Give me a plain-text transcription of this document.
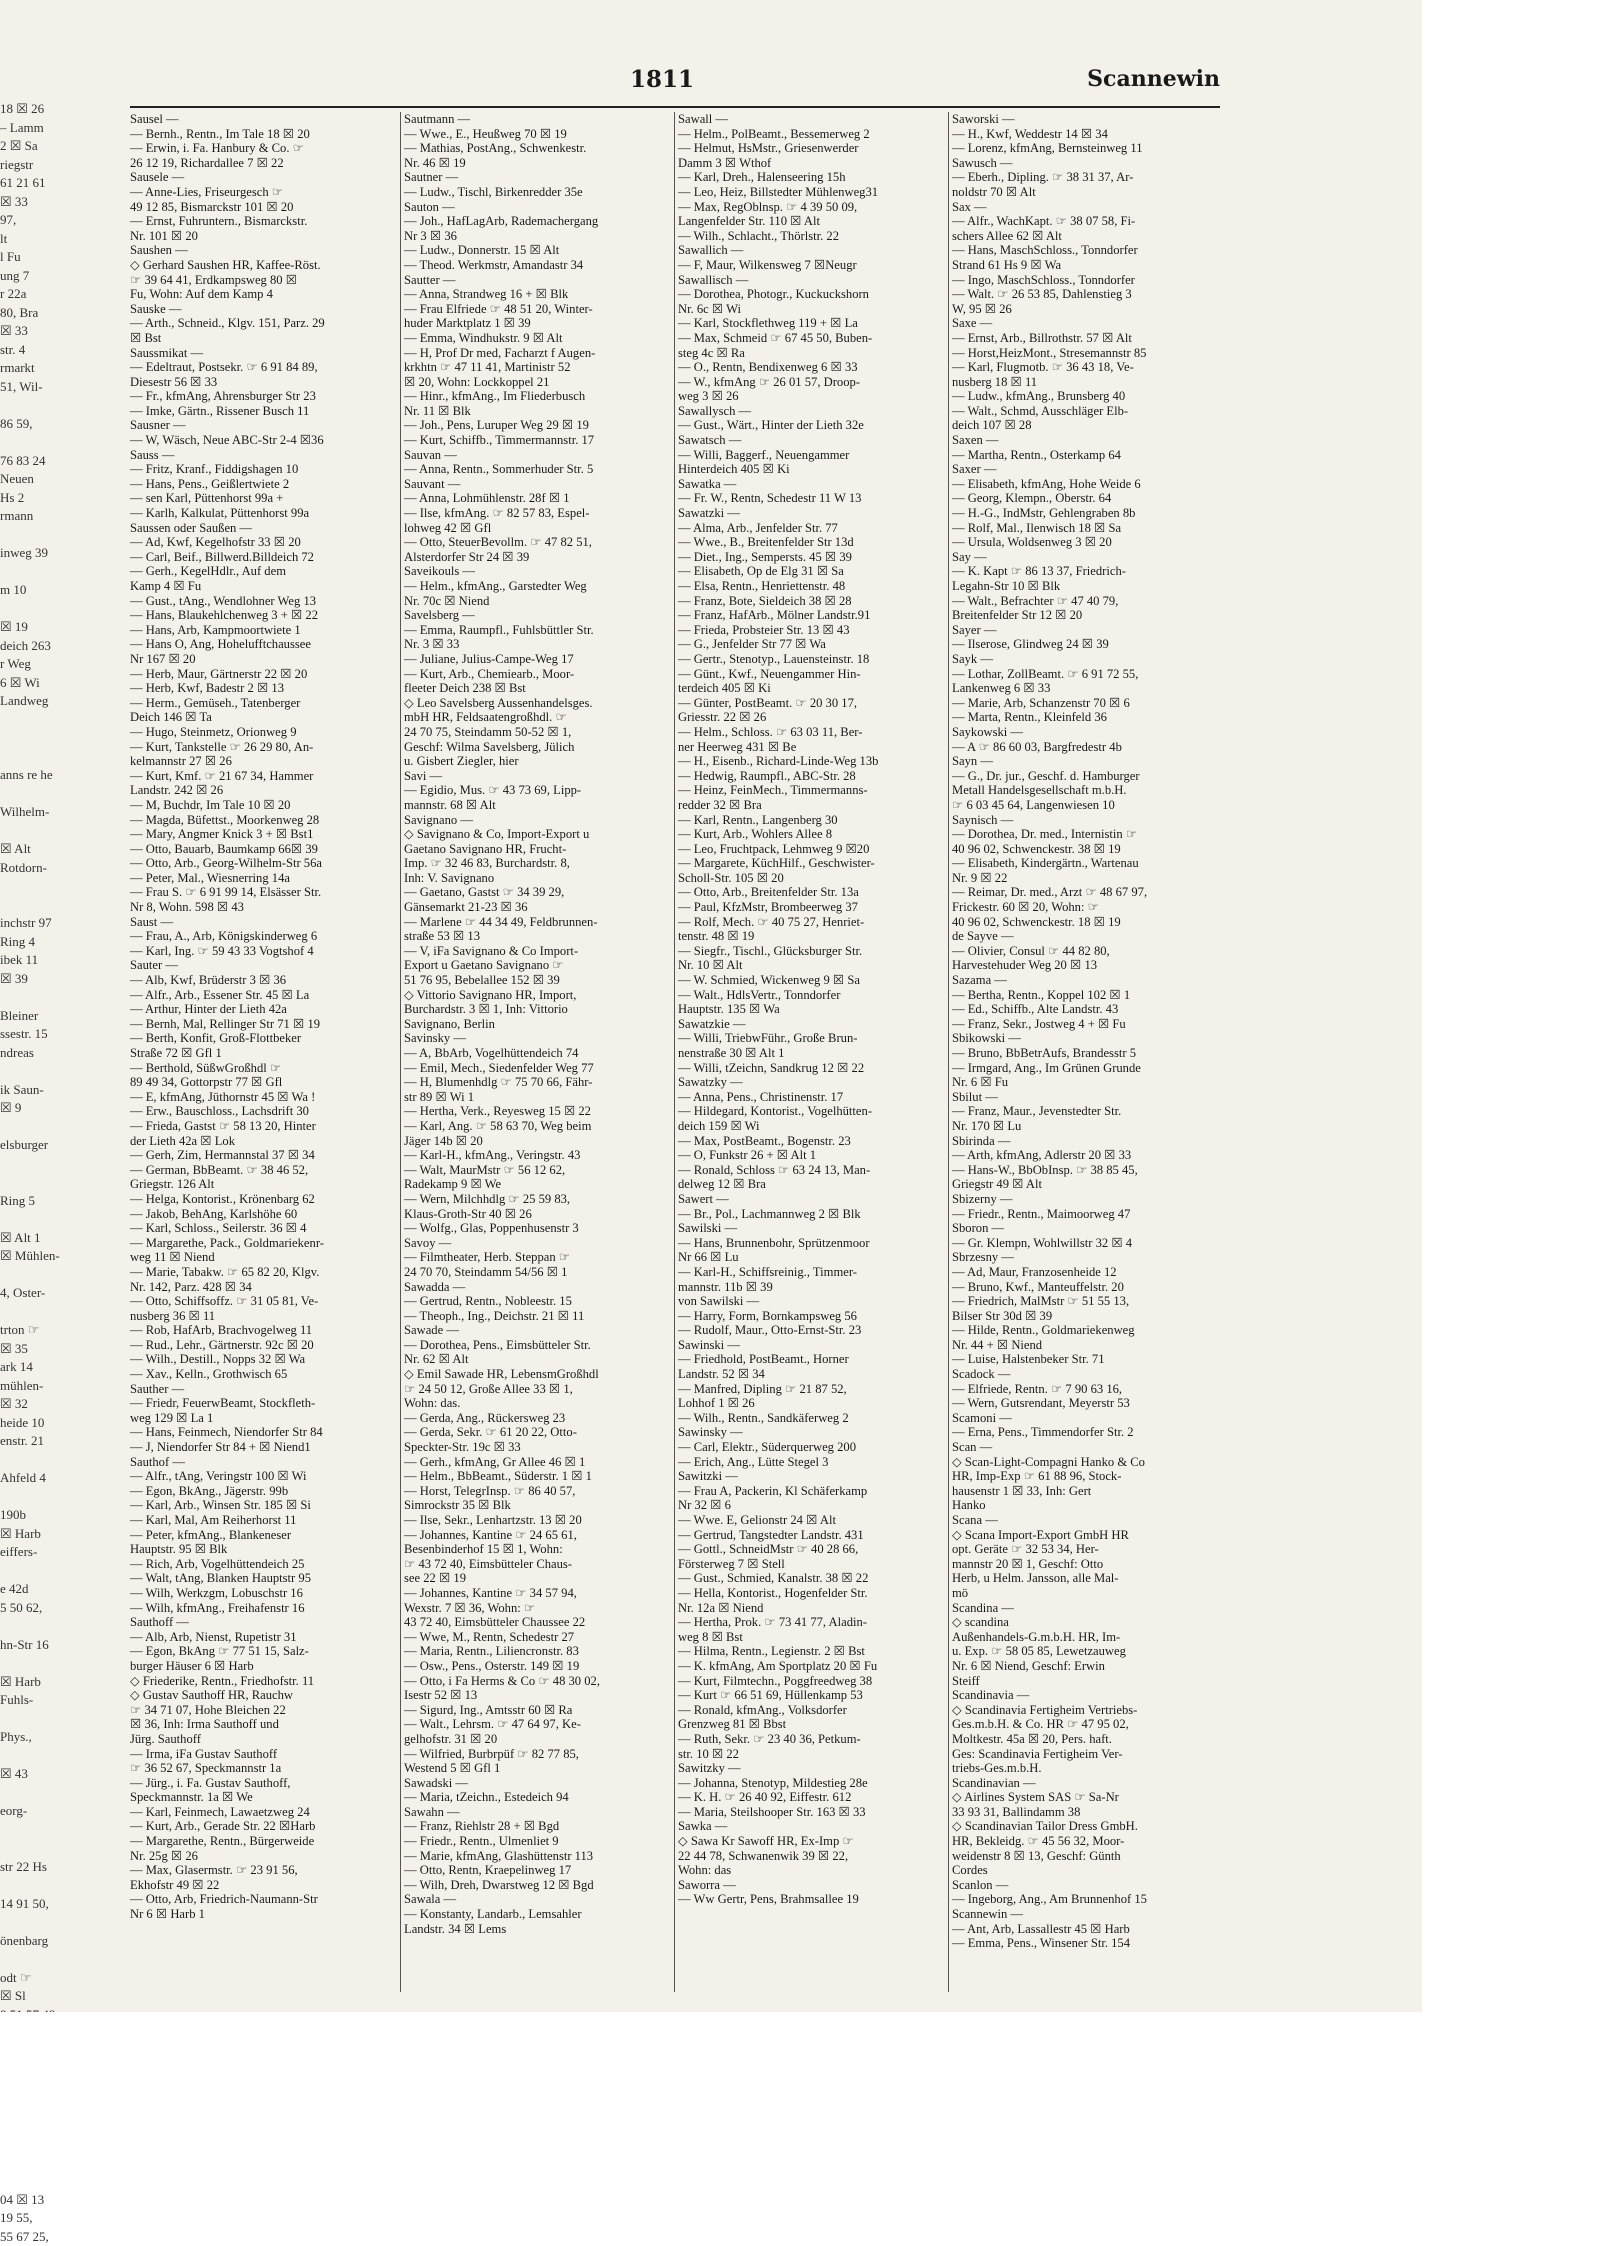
18 ☒ 26
– Lamm
2 ☒ Sa
riegstr
61 21 61
☒ 33
97,
lt
l Fu
ung 7
r 22a
80, Bra
☒ 33
str. 4
rmarkt
51, Wil-

86 59,

76 83 24
Neuen
Hs 2
rmann

inweg 39

m 10

☒ 19
deich 263
r Weg
6 ☒ Wi
Landweg

anns re he

Wilhelm-

☒ Alt
Rotdorn-

inchstr 97
Ring 4
ibek 11
☒ 39

Bleiner
ssestr. 15
ndreas

ik Saun-
☒ 9

elsburger

Ring 5

☒ Alt 1
☒ Mühlen-

4, Oster-

trton ☞
☒ 35
ark 14
mühlen-
☒ 32
heide 10
enstr. 21

Ahfeld 4

190b
☒ Harb
eiffers-

e 42d
5 50 62,

hn-Str 16

☒ Harb
Fuhls-

Phys.,

☒ 43

eorg-

str 22 Hs

14 91 50,

önenbarg

odt ☞
☒ Sl

04 ☒ 13
19 55,
55 67 25,
1811	Scannewin
Sausel —
— Bernh., Rentn., Im Tale 18 ☒ 20
— Erwin, i. Fa. Hanbury & Co. ☞
26 12 19, Richardallee 7 ☒ 22
Sausele —
— Anne-Lies, Friseurgesch ☞
49 12 85, Bismarckstr 101 ☒ 20
— Ernst, Fuhruntern., Bismarckstr.
Nr. 101 ☒ 20
Saushen —
◇ Gerhard Saushen HR, Kaffee-Röst.
☞ 39 64 41, Erdkampsweg 80 ☒
Fu, Wohn: Auf dem Kamp 4
Sauske —
— Arth., Schneid., Klgv. 151, Parz. 29
☒ Bst
Saussmikat —
— Edeltraut, Postsekr. ☞ 6 91 84 89,
Diesestr 56 ☒ 33
— Fr., kfmAng, Ahrensburger Str 23
— Imke, Gärtn., Rissener Busch 11
Sausner —
— W, Wäsch, Neue ABC-Str 2-4 ☒36
Sauss —
— Fritz, Kranf., Fiddigshagen 10
— Hans, Pens., Geißlertwiete 2
— sen Karl, Püttenhorst 99a +
— Karlh, Kalkulat, Püttenhorst 99a
Saussen oder Saußen —
— Ad, Kwf, Kegelhofstr 33 ☒ 20
— Carl, Beif., Billwerd.Billdeich 72
— Gerh., KegelHdlr., Auf dem
Kamp 4 ☒ Fu
— Gust., tAng., Wendlohner Weg 13
— Hans, Blaukehlchenweg 3 + ☒ 22
— Hans, Arb, Kampmoortwiete 1
— Hans O, Ang, Hohelufftchaussee
Nr 167 ☒ 20
— Herb, Maur, Gärtnerstr 22 ☒ 20
— Herb, Kwf, Badestr 2 ☒ 13
— Herm., Gemüseh., Tatenberger
Deich 146 ☒ Ta
— Hugo, Steinmetz, Orionweg 9
— Kurt, Tankstelle ☞ 26 29 80, An-
kelmannstr 27 ☒ 26
— Kurt, Kmf. ☞ 21 67 34, Hammer
Landstr. 242 ☒ 26
— M, Buchdr, Im Tale 10 ☒ 20
— Magda, Büfettst., Moorkenweg 28
— Mary, Angmer Knick 3 + ☒ Bst1
— Otto, Bauarb, Baumkamp 66☒ 39
— Otto, Arb., Georg-Wilhelm-Str 56a
— Peter, Mal., Wiesnerring 14a
— Frau S. ☞ 6 91 99 14, Elsässer Str.
Nr 8, Wohn. 598 ☒ 43
Saust —
— Frau, A., Arb, Königskinderweg 6
— Karl, Ing. ☞ 59 43 33 Vogtshof 4
Sauter —
— Alb, Kwf, Brüderstr 3 ☒ 36
— Alfr., Arb., Essener Str. 45 ☒ La
— Arthur, Hinter der Lieth 42a
— Bernh, Mal, Rellinger Str 71 ☒ 19
— Berth, Konfit, Groß-Flottbeker
Straße 72 ☒ Gfl 1
— Berthold, SüßwGroßhdl ☞
89 49 34, Gottorpstr 77 ☒ Gfl
— E, kfmAng, Jüthornstr 45 ☒ Wa !
— Erw., Bauschloss., Lachsdrift 30
— Frieda, Gastst ☞ 58 13 20, Hinter
der Lieth 42a ☒ Lok
— Gerh, Zim, Hermannstal 37 ☒ 34
— German, BbBeamt. ☞ 38 46 52,
Griegstr. 126 Alt
— Helga, Kontorist., Krönenbarg 62
— Jakob, BehAng, Karlshöhe 60
— Karl, Schloss., Seilerstr. 36 ☒ 4
— Margarethe, Pack., Goldmariekenr-
weg 11 ☒ Niend
— Marie, Tabakw. ☞ 65 82 20, Klgv.
Nr. 142, Parz. 428 ☒ 34
— Otto, Schiffsoffz. ☞ 31 05 81, Ve-
nusberg 36 ☒ 11
— Rob, HafArb, Brachvogelweg 11
— Rud., Lehr., Gärtnerstr. 92c ☒ 20
— Wilh., Destill., Nopps 32 ☒ Wa
— Xav., Kelln., Grothwisch 65
Sauther —
— Friedr, FeuerwBeamt, Stockfleth-
weg 129 ☒ La 1
— Hans, Feinmech, Niendorfer Str 84
— J, Niendorfer Str 84 + ☒ Niend1
Sauthof —
— Alfr., tAng, Veringstr 100 ☒ Wi
— Egon, BkAng., Jägerstr. 99b
— Karl, Arb., Winsen Str. 185 ☒ Si
— Karl, Mal, Am Reiherhorst 11
— Peter, kfmAng., Blankeneser
Hauptstr. 95 ☒ Blk
— Rich, Arb, Vogelhüttendeich 25
— Walt, tAng, Blanken Hauptstr 95
— Wilh, Werkzgm, Lobuschstr 16
— Wilh, kfmAng., Freihafenstr 16
Sauthoff —
— Alb, Arb, Nienst, Rupetistr 31
— Egon, BkAng ☞ 77 51 15, Salz-
burger Häuser 6 ☒ Harb
◇ Friederike, Rentn., Friedhofstr. 11
◇ Gustav Sauthoff HR, Rauchw
☞ 34 71 07, Hohe Bleichen 22
☒ 36, Inh: Irma Sauthoff und
Jürg. Sauthoff
— Irma, iFa Gustav Sauthoff
☞ 36 52 67, Speckmannstr 1a
— Jürg., i. Fa. Gustav Sauthoff,
Speckmannstr. 1a ☒ We
— Karl, Feinmech, Lawaetzweg 24
— Kurt, Arb., Gerade Str. 22 ☒Harb
— Margarethe, Rentn., Bürgerweide
Nr. 25g ☒ 26
— Max, Glasermstr. ☞ 23 91 56,
Ekhofstr 49 ☒ 22
— Otto, Arb, Friedrich-Naumann-Str
Nr 6 ☒ Harb 1
Sautmann —
— Wwe., E., Heußweg 70 ☒ 19
— Mathias, PostAng., Schwenkestr.
Nr. 46 ☒ 19
Sautner —
— Ludw., Tischl, Birkenredder 35e
Sauton —
— Joh., HafLagArb, Rademachergang
Nr 3 ☒ 36
— Ludw., Donnerstr. 15 ☒ Alt
— Theod. Werkmstr, Amandastr 34
Sautter —
— Anna, Strandweg 16 + ☒ Blk
— Frau Elfriede ☞ 48 51 20, Winter-
huder Marktplatz 1 ☒ 39
— Emma, Windhukstr. 9 ☒ Alt
— H, Prof Dr med, Facharzt f Augen-
krkhtn ☞ 47 11 41, Martinistr 52
☒ 20, Wohn: Lockkoppel 21
— Hinr., kfmAng., Im Fliederbusch
Nr. 11 ☒ Blk
— Joh., Pens, Luruper Weg 29 ☒ 19
— Kurt, Schiffb., Timmermannstr. 17
Sauvan —
— Anna, Rentn., Sommerhuder Str. 5
Sauvant —
— Anna, Lohmühlenstr. 28f ☒ 1
— Ilse, kfmAng. ☞ 82 57 83, Espel-
lohweg 42 ☒ Gfl
— Otto, SteuerBevollm. ☞ 47 82 51,
Alsterdorfer Str 24 ☒ 39
Saveikouls —
— Helm., kfmAng., Garstedter Weg
Nr. 70c ☒ Niend
Savelsberg —
— Emma, Raumpfl., Fuhlsbüttler Str.
Nr. 3 ☒ 33
— Juliane, Julius-Campe-Weg 17
— Kurt, Arb., Chemiearb., Moor-
fleeter Deich 238 ☒ Bst
◇ Leo Savelsberg Aussenhandelsges.
mbH HR, Feldsaatengroßhdl. ☞
24 70 75, Steindamm 50-52 ☒ 1,
Geschf: Wilma Savelsberg, Jülich
u. Gisbert Ziegler, hier
Savi —
— Egidio, Mus. ☞ 43 73 69, Lipp-
mannstr. 68 ☒ Alt
Savignano —
◇ Savignano & Co, Import-Export u
Gaetano Savignano HR, Frucht-
Imp. ☞ 32 46 83, Burchardstr. 8,
Inh: V. Savignano
— Gaetano, Gastst ☞ 34 39 29,
Gänsemarkt 21-23 ☒ 36
— Marlene ☞ 44 34 49, Feldbrunnen-
straße 53 ☒ 13
— V, iFa Savignano & Co Import-
Export u Gaetano Savignano ☞
51 76 95, Bebelallee 152 ☒ 39
◇ Vittorio Savignano HR, Import,
Burchardstr. 3 ☒ 1, Inh: Vittorio
Savignano, Berlin
Savinsky —
— A, BbArb, Vogelhüttendeich 74
— Emil, Mech., Siedenfelder Weg 77
— H, Blumenhdlg ☞ 75 70 66, Fähr-
str 89 ☒ Wi 1
— Hertha, Verk., Reyesweg 15 ☒ 22
— Karl, Ang. ☞ 58 63 70, Weg beim
Jäger 14b ☒ 20
— Karl-H., kfmAng., Veringstr. 43
— Walt, MaurMstr ☞ 56 12 62,
Radekamp 9 ☒ We
— Wern, Milchhdlg ☞ 25 59 83,
Klaus-Groth-Str 40 ☒ 26
— Wolfg., Glas, Poppenhusenstr 3
Savoy —
— Filmtheater, Herb. Steppan ☞
24 70 70, Steindamm 54/56 ☒ 1
Sawadda —
— Gertrud, Rentn., Nobleestr. 15
— Theoph., Ing., Deichstr. 21 ☒ 11
Sawade —
— Dorothea, Pens., Eimsbütteler Str.
Nr. 62 ☒ Alt
◇ Emil Sawade HR, LebensmGroßhdl
☞ 24 50 12, Große Allee 33 ☒ 1,
Wohn: das.
— Gerda, Ang., Rückersweg 23
— Gerda, Sekr. ☞ 61 20 22, Otto-
Speckter-Str. 19c ☒ 33
— Gerh., kfmAng, Gr Allee 46 ☒ 1
— Helm., BbBeamt., Süderstr. 1 ☒ 1
— Horst, TelegrInsp. ☞ 86 40 57,
Simrockstr 35 ☒ Blk
— Ilse, Sekr., Lenhartzstr. 13 ☒ 20
— Johannes, Kantine ☞ 24 65 61,
Besenbinderhof 15 ☒ 1, Wohn:
☞ 43 72 40, Eimsbütteler Chaus-
see 22 ☒ 19
— Johannes, Kantine ☞ 34 57 94,
Wexstr. 7 ☒ 36, Wohn: ☞
43 72 40, Eimsbütteler Chaussee 22
— Wwe, M., Rentn, Schedestr 27
— Maria, Rentn., Liliencronstr. 83
— Osw., Pens., Osterstr. 149 ☒ 19
— Otto, i Fa Herms & Co ☞ 48 30 02,
Isestr 52 ☒ 13
— Sigurd, Ing., Amtsstr 60 ☒ Ra
— Walt., Lehrsm. ☞ 47 64 97, Ke-
gelhofstr. 31 ☒ 20
— Wilfried, Burbrpüf ☞ 82 77 85,
Westend 5 ☒ Gfl 1
Sawadski —
— Maria, tZeichn., Estedeich 94
Sawahn —
— Franz, Riehlstr 28 + ☒ Bgd
— Friedr., Rentn., Ulmenliet 9
— Marie, kfmAng, Glashüttenstr 113
— Otto, Rentn, Kraepelinweg 17
— Wilh, Dreh, Dwarstweg 12 ☒ Bgd
Sawala —
— Konstanty, Landarb., Lemsahler
Landstr. 34 ☒ Lems
Sawall —
— Helm., PolBeamt., Bessemerweg 2
— Helmut, HsMstr., Griesenwerder
Damm 3 ☒ Wthof
— Karl, Dreh., Halenseering 15h
— Leo, Heiz, Billstedter Mühlenweg31
— Max, RegOblnsp. ☞ 4 39 50 09,
Langenfelder Str. 110 ☒ Alt
— Wilh., Schlacht., Thörlstr. 22
Sawallich —
— F, Maur, Wilkensweg 7 ☒Neugr
Sawallisch —
— Dorothea, Photogr., Kuckuckshorn
Nr. 6c ☒ Wi
— Karl, Stockflethweg 119 + ☒ La
— Max, Schmeid ☞ 67 45 50, Buben-
steg 4c ☒ Ra
— O., Rentn, Bendixenweg 6 ☒ 33
— W., kfmAng ☞ 26 01 57, Droop-
weg 3 ☒ 26
Sawallysch —
— Gust., Wärt., Hinter der Lieth 32e
Sawatsch —
— Willi, Baggerf., Neuengammer
Hinterdeich 405 ☒ Ki
Sawatka —
— Fr. W., Rentn, Schedestr 11 W 13
Sawatzki —
— Alma, Arb., Jenfelder Str. 77
— Wwe., B., Breitenfelder Str 13d
— Diet., Ing., Sempersts. 45 ☒ 39
— Elisabeth, Op de Elg 31 ☒ Sa
— Elsa, Rentn., Henriettenstr. 48
— Franz, Bote, Sieldeich 38 ☒ 28
— Franz, HafArb., Mölner Landstr.91
— Frieda, Probsteier Str. 13 ☒ 43
— G., Jenfelder Str 77 ☒ Wa
— Gertr., Stenotyp., Lauensteinstr. 18
— Günt., Kwf., Neuengammer Hin-
terdeich 405 ☒ Ki
— Günter, PostBeamt. ☞ 20 30 17,
Griesstr. 22 ☒ 26
— Helm., Schloss. ☞ 63 03 11, Ber-
ner Heerweg 431 ☒ Be
— H., Eisenb., Richard-Linde-Weg 13b
— Hedwig, Raumpfl., ABC-Str. 28
— Heinz, FeinMech., Timmermanns-
redder 32 ☒ Bra
— Karl, Rentn., Langenberg 30
— Kurt, Arb., Wohlers Allee 8
— Leo, Fruchtpack, Lehmweg 9 ☒20
— Margarete, KüchHilf., Geschwister-
Scholl-Str. 105 ☒ 20
— Otto, Arb., Breitenfelder Str. 13a
— Paul, KfzMstr, Brombeerweg 37
— Rolf, Mech. ☞ 40 75 27, Henriet-
tenstr. 48 ☒ 19
— Siegfr., Tischl., Glücksburger Str.
Nr. 10 ☒ Alt
— W. Schmied, Wickenweg 9 ☒ Sa
— Walt., HdlsVertr., Tonndorfer
Hauptstr. 135 ☒ Wa
Sawatzkie —
— Willi, TriebwFühr., Große Brun-
nenstraße 30 ☒ Alt 1
— Willi, tZeichn, Sandkrug 12 ☒ 22
Sawatzky —
— Anna, Pens., Christinenstr. 17
— Hildegard, Kontorist., Vogelhütten-
deich 159 ☒ Wi
— Max, PostBeamt., Bogenstr. 23
— O, Funkstr 26 + ☒ Alt 1
— Ronald, Schloss ☞ 63 24 13, Man-
delweg 12 ☒ Bra
Sawert —
— Br., Pol., Lachmannweg 2 ☒ Blk
Sawilski —
— Hans, Brunnenbohr, Sprützenmoor
Nr 66 ☒ Lu
— Karl-H., Schiffsreinig., Timmer-
mannstr. 11b ☒ 39
von Sawilski —
— Harry, Form, Bornkampsweg 56
— Rudolf, Maur., Otto-Ernst-Str. 23
Sawinski —
— Friedhold, PostBeamt., Horner
Landstr. 52 ☒ 34
— Manfred, Dipling ☞ 21 87 52,
Lohhof 1 ☒ 26
— Wilh., Rentn., Sandkäferweg 2
Sawinsky —
— Carl, Elektr., Süderquerweg 200
— Erich, Ang., Lütte Stegel 3
Sawitzki —
— Frau A, Packerin, Kl Schäferkamp
Nr 32 ☒ 6
— Wwe. E, Gelionstr 24 ☒ Alt
— Gertrud, Tangstedter Landstr. 431
— Gottl., SchneidMstr ☞ 40 28 66,
Försterweg 7 ☒ Stell
— Gust., Schmied, Kanalstr. 38 ☒ 22
— Hella, Kontorist., Hogenfelder Str.
Nr. 12a ☒ Niend
— Hertha, Prok. ☞ 73 41 77, Aladin-
weg 8 ☒ Bst
— Hilma, Rentn., Legienstr. 2 ☒ Bst
— K. kfmAng, Am Sportplatz 20 ☒ Fu
— Kurt, Filmtechn., Poggfreedweg 38
— Kurt ☞ 66 51 69, Hüllenkamp 53
— Ronald, kfmAng., Volksdorfer
Grenzweg 81 ☒ Bbst
— Ruth, Sekr. ☞ 23 40 36, Petkum-
str. 10 ☒ 22
Sawitzky —
— Johanna, Stenotyp, Mildestieg 28e
— K. H. ☞ 26 40 92, Eiffestr. 612
— Maria, Steilshooper Str. 163 ☒ 33
Sawka —
◇ Sawa Kr Sawoff HR, Ex-Imp ☞
22 44 78, Schwanenwik 39 ☒ 22,
Wohn: das
Saworra —
— Ww Gertr, Pens, Brahmsallee 19
Saworski —
— H., Kwf, Weddestr 14 ☒ 34
— Lorenz, kfmAng, Bernsteinweg 11
Sawusch —
— Eberh., Dipling. ☞ 38 31 37, Ar-
noldstr 70 ☒ Alt
Sax —
— Alfr., WachKapt. ☞ 38 07 58, Fi-
schers Allee 62 ☒ Alt
— Hans, MaschSchloss., Tonndorfer
Strand 61 Hs 9 ☒ Wa
— Ingo, MaschSchloss., Tonndorfer
— Walt. ☞ 26 53 85, Dahlenstieg 3
W, 95 ☒ 26
Saxe —
— Ernst, Arb., Billrothstr. 57 ☒ Alt
— Horst,HeizMont., Stresemannstr 85
— Karl, Flugmotb. ☞ 36 43 18, Ve-
nusberg 18 ☒ 11
— Ludw., kfmAng., Brunsberg 40
— Walt., Schmd, Ausschläger Elb-
deich 107 ☒ 28
Saxen —
— Martha, Rentn., Osterkamp 64
Saxer —
— Elisabeth, kfmAng, Hohe Weide 6
— Georg, Klempn., Oberstr. 64
— H.-G., IndMstr, Gehlengraben 8b
— Rolf, Mal., Ilenwisch 18 ☒ Sa
— Ursula, Woldsenweg 3 ☒ 20
Say —
— K. Kapt ☞ 86 13 37, Friedrich-
Legahn-Str 10 ☒ Blk
— Walt., Befrachter ☞ 47 40 79,
Breitenfelder Str 12 ☒ 20
Sayer —
— Ilserose, Glindweg 24 ☒ 39
Sayk —
— Lothar, ZollBeamt. ☞ 6 91 72 55,
Lankenweg 6 ☒ 33
— Marie, Arb, Schanzenstr 70 ☒ 6
— Marta, Rentn., Kleinfeld 36
Saykowski —
— A ☞ 86 60 03, Bargfredestr 4b
Sayn —
— G., Dr. jur., Geschf. d. Hamburger
Metall Handelsgesellschaft m.b.H.
☞ 6 03 45 64, Langenwiesen 10
Saynisch —
— Dorothea, Dr. med., Internistin ☞
40 96 02, Schwenckestr. 38 ☒ 19
— Elisabeth, Kindergärtn., Wartenau
Nr. 9 ☒ 22
— Reimar, Dr. med., Arzt ☞ 48 67 97,
Frickestr. 60 ☒ 20, Wohn: ☞
40 96 02, Schwenckestr. 18 ☒ 19
de Sayve —
— Olivier, Consul ☞ 44 82 80,
Harvestehuder Weg 20 ☒ 13
Sazama —
— Bertha, Rentn., Koppel 102 ☒ 1
— Ed., Schiffb., Alte Landstr. 43
— Franz, Sekr., Jostweg 4 + ☒ Fu
Sbikowski —
— Bruno, BbBetrAufs, Brandesstr 5
— Irmgard, Ang., Im Grünen Grunde
Nr. 6 ☒ Fu
Sbilut —
— Franz, Maur., Jevenstedter Str.
Nr. 170 ☒ Lu
Sbirinda —
— Arth, kfmAng, Adlerstr 20 ☒ 33
— Hans-W., BbObInsp. ☞ 38 85 45,
Griegstr 49 ☒ Alt
Sbizerny —
— Friedr., Rentn., Maimoorweg 47
Sboron —
— Gr. Klempn, Wohlwillstr 32 ☒ 4
Sbrzesny —
— Ad, Maur, Franzosenheide 12
— Bruno, Kwf., Manteuffelstr. 20
— Friedrich, MalMstr ☞ 51 55 13,
Bilser Str 30d ☒ 39
— Hilde, Rentn., Goldmariekenweg
Nr. 44 + ☒ Niend
— Luise, Halstenbeker Str. 71
Scadock —
— Elfriede, Rentn. ☞ 7 90 63 16,
— Wern, Gutsrendant, Meyerstr 53
Scamoni —
— Erna, Pens., Timmendorfer Str. 2
Scan —
◇ Scan-Light-Compagni Hanko & Co
HR, Imp-Exp ☞ 61 88 96, Stock-
hausenstr 1 ☒ 33, Inh: Gert
Hanko
Scana —
◇ Scana Import-Export GmbH HR
opt. Geräte ☞ 32 53 34, Her-
mannstr 20 ☒ 1, Geschf: Otto
Herb, u Helm. Jansson, alle Mal-
mö
Scandina —
◇ scandina
Außenhandels-G.m.b.H. HR, Im-
u. Exp. ☞ 58 05 85, Lewetzauweg
Nr. 6 ☒ Niend, Geschf: Erwin
Steiff
Scandinavia —
◇ Scandinavia Fertigheim Vertriebs-
Ges.m.b.H. & Co. HR ☞ 47 95 02,
Moltkestr. 45a ☒ 20, Pers. haft.
Ges: Scandinavia Fertigheim Ver-
triebs-Ges.m.b.H.
Scandinavian —
◇ Airlines System SAS ☞ Sa-Nr
33 93 31, Ballindamm 38
◇ Scandinavian Tailor Dress GmbH.
HR, Bekleidg. ☞ 45 56 32, Moor-
weidenstr 8 ☒ 13, Geschf: Günth
Cordes
Scanlon —
— Ingeborg, Ang., Am Brunnenhof 15
Scannewin —
— Ant, Arb, Lassallestr 45 ☒ Harb
— Emma, Pens., Winsener Str. 154
